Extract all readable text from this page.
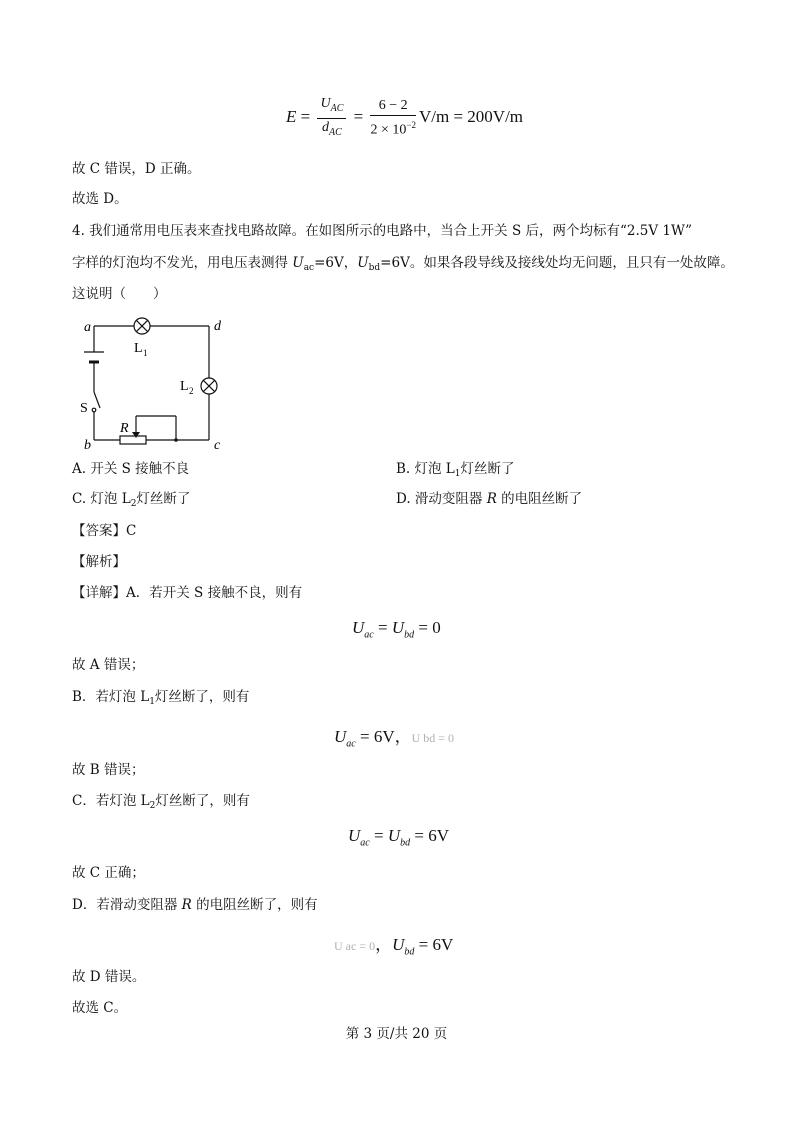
$E = \frac{U_{AC}}{d_{AC}} = \frac{6 - 2}{2 \times 10^{-2}} V/m = 200V/m$
故 C 错误，D 正确。
故选 D。
4. 我们通常用电压表来查找电路故障。在如图所示的电路中，当合上开关 S 后，两个均标有“2.5V 1W”
字样的灯泡均不发光，用电压表测得 $U_{ac}=6V$，$U_{bd}=6V$。如果各段导线及接线处均无问题，且只有一处故障。
这说明（　　）
a	d
b	c
L 1
L 2
S
R
A. 开关 S 接触不良	B. 灯泡 $L_1$灯丝断了
C. 灯泡 $L_2$灯丝断了	D. 滑动变阻器 R 的电阻丝断了
【答案】C
【解析】
【详解】A．若开关 S 接触不良，则有
$U_{ac} = U_{bd} = 0$
故 A 错误；
B．若灯泡 $L_1$灯丝断了，则有
$U_{ac} = 6V$，U bd = 0
故 B 错误；
C．若灯泡 $L_2$灯丝断了，则有
$U_{ac} = U_{bd} = 6V$
故 C 正确；
D．若滑动变阻器 R 的电阻丝断了，则有
U ac = 0，$U_{bd} = 6V$
故 D 错误。
故选 C。
第 3 页/共 20 页
